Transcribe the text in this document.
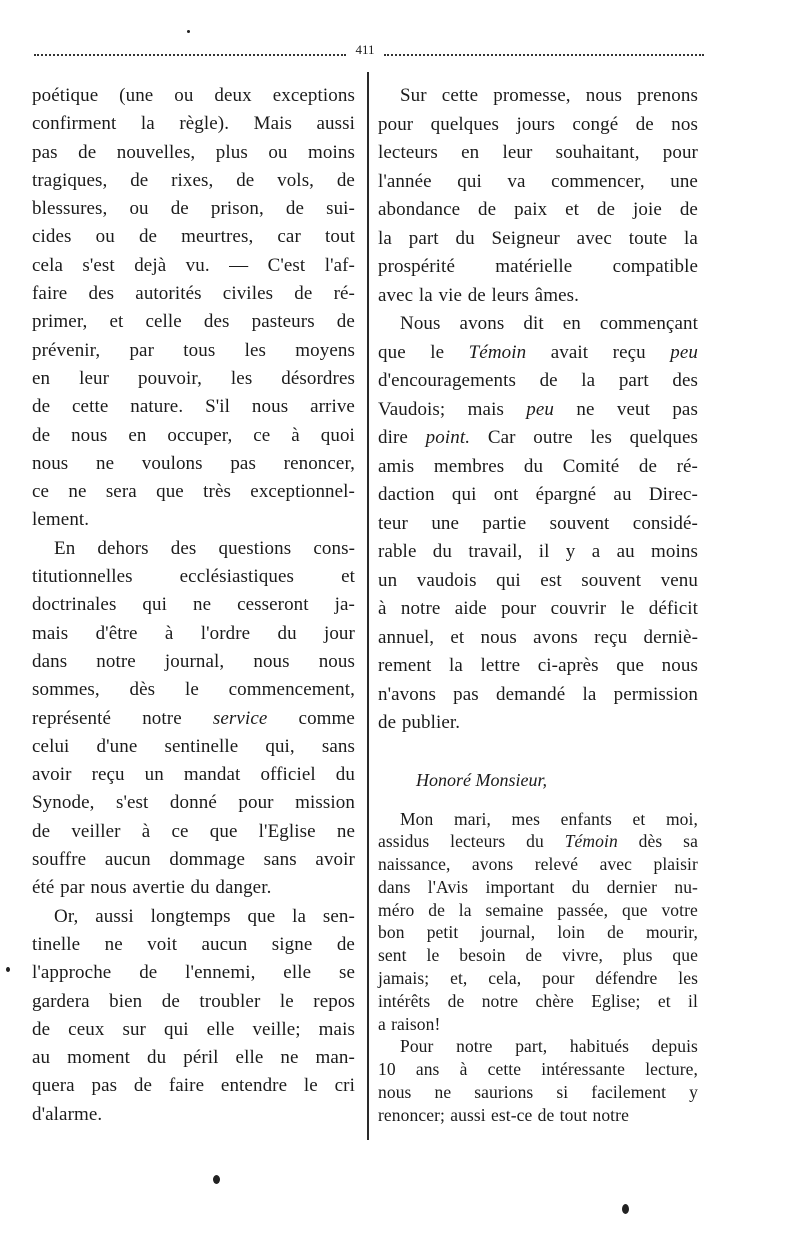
411
poétique (une ou deux exceptions
confirment la règle). Mais aussi
pas de nouvelles, plus ou moins
tragiques, de rixes, de vols, de
blessures, ou de prison, de sui-
cides ou de meurtres, car tout
cela s'est dejà vu. — C'est l'af-
faire des autorités civiles de ré-
primer, et celle des pasteurs de
prévenir, par tous les moyens
en leur pouvoir, les désordres
de cette nature. S'il nous arrive
de nous en occuper, ce à quoi
nous ne voulons pas renoncer,
ce ne sera que très exceptionnel-
lement.
En dehors des questions cons-
titutionnelles ecclésiastiques et
doctrinales qui ne cesseront ja-
mais d'être à l'ordre du jour
dans notre journal, nous nous
sommes, dès le commencement,
représenté notre service comme
celui d'une sentinelle qui, sans
avoir reçu un mandat officiel du
Synode, s'est donné pour mission
de veiller à ce que l'Eglise ne
souffre aucun dommage sans avoir
été par nous avertie du danger.
Or, aussi longtemps que la sen-
tinelle ne voit aucun signe de
l'approche de l'ennemi, elle se
gardera bien de troubler le repos
de ceux sur qui elle veille; mais
au moment du péril elle ne man-
quera pas de faire entendre le cri
d'alarme.
Sur cette promesse, nous prenons
pour quelques jours congé de nos
lecteurs en leur souhaitant, pour
l'année qui va commencer, une
abondance de paix et de joie de
la part du Seigneur avec toute la
prospérité matérielle compatible
avec la vie de leurs âmes.
Nous avons dit en commençant
que le Témoin avait reçu peu
d'encouragements de la part des
Vaudois; mais peu ne veut pas
dire point. Car outre les quelques
amis membres du Comité de ré-
daction qui ont épargné au Direc-
teur une partie souvent considé-
rable du travail, il y a au moins
un vaudois qui est souvent venu
à notre aide pour couvrir le déficit
annuel, et nous avons reçu derniè-
rement la lettre ci-après que nous
n'avons pas demandé la permission
de publier.
Honoré Monsieur,
Mon mari, mes enfants et moi,
assidus lecteurs du Témoin dès sa
naissance, avons relevé avec plaisir
dans l'Avis important du dernier nu-
méro de la semaine passée, que votre
bon petit journal, loin de mourir,
sent le besoin de vivre, plus que
jamais; et, cela, pour défendre les
intérêts de notre chère Eglise; et il
a raison!
Pour notre part, habitués depuis
10 ans à cette intéressante lecture,
nous ne saurions si facilement y
renoncer; aussi est-ce de tout notre
